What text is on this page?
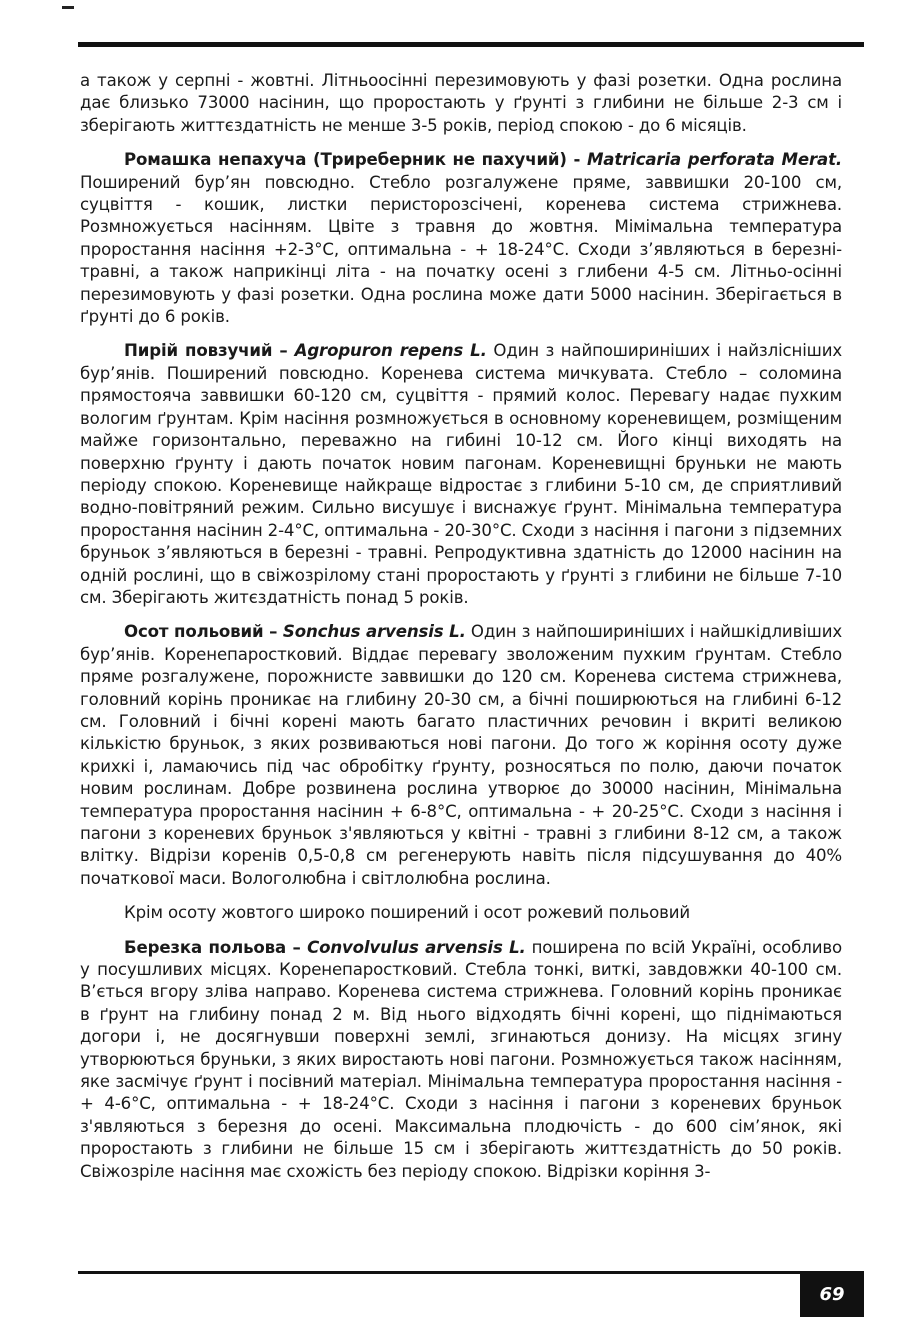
а також у серпні - жовтні. Літньоосінні перезимовують у фазі розетки. Одна рослина дає близько 73000 насінин, що проростають у ґрунті з глибини не більше 2-3 см і зберігають життєздатність не менше 3-5 років, період спокою - до 6 місяців.

Ромашка непахуча (Триреберник не пахучий) - Matricaria perforata Merat. Поширений бур’ян повсюдно. Стебло розгалужене пряме, заввишки 20-100 см, суцвіття - кошик, листки перисторозсічені, коренева система стрижнева. Розмножується насінням. Цвіте з травня до жовтня. Мімімальна температура проростання насіння +2-3°С, оптимальна - + 18-24°С. Сходи з’являються в березні-травні, а також наприкінці літа - на початку осені з глибени 4-5 см. Літньо-осінні перезимовують у фазі розетки. Одна рослина може дати 5000 насінин. Зберігається в ґрунті до 6 років.

Пирій повзучий – Agropuron repens L. Один з найпошириніших і найзлісніших бур’янів. Поширений повсюдно. Коренева система мичкувата. Стебло – соломина прямостояча заввишки 60-120 см, суцвіття - прямий колос. Перевагу надає пухким вологим ґрунтам. Крім насіння розмножується в основному кореневищем, розміщеним майже горизонтально, переважно на гибині 10-12 см. Його кінці виходять на поверхню ґрунту і дають початок новим пагонам. Кореневищні бруньки не мають періоду спокою. Кореневище найкраще відростає з глибини 5-10 см, де сприятливий водно-повітряний режим. Сильно висушує і виснажує ґрунт. Мінімальна температура проростання насінин 2-4°С, оптимальна - 20-30°С. Сходи з насіння і пагони з підземних бруньок з’являються в березні - травні. Репродуктивна здатність до 12000 насінин на одній рослині, що в свіжозрілому стані проростають у ґрунті з глибини не більше 7-10 см. Зберігають житєздатність понад 5 років.

Осот польовий – Sonchus arvensis L. Один з найпошириніших і найшкідливіших бур’янів. Коренепаростковий. Віддає перевагу зволоженим пухким ґрунтам. Стебло пряме розгалужене, порожнисте заввишки до 120 см. Коренева система стрижнева, головний корінь проникає на глибину 20-30 см, а бічні поширюються на глибині 6-12 см. Головний і бічні корені мають багато пластичних речовин і вкриті великою кількістю бруньок, з яких розвиваються нові пагони. До того ж коріння осоту дуже крихкі і, ламаючись під час обробітку ґрунту, розносяться по полю, даючи початок новим рослинам. Добре розвинена рослина утворює до 30000 насінин, Мінімальна температура проростання насінин + 6-8°С, оптимальна - + 20-25°С. Сходи з насіння і пагони з кореневих бруньок з'являються у квітні - травні з глибини 8-12 см, а також влітку. Відрізи коренів 0,5-0,8 см регенерують навіть після підсушування до 40% початкової маси. Вологолюбна і світлолюбна рослина.

Крім осоту жовтого широко поширений і осот рожевий польовий

Березка польова – Convolvulus arvensis L. поширена по всій Україні, особливо у посушливих місцях. Коренепаростковий. Стебла тонкі, виткі, завдовжки 40-100 см. В’ється вгору зліва направо. Коренева система стрижнева. Головний корінь проникає в ґрунт на глибину понад 2 м. Від нього відходять бічні корені, що піднімаються догори і, не досягнувши поверхні землі, згинаються донизу. На місцях згину утворюються бруньки, з яких виростають нові пагони. Розмножується також насінням, яке засмічує ґрунт і посівний матеріал. Мінімальна температура проростання насіння - + 4-6°С, оптимальна - + 18-24°С. Сходи з насіння і пагони з кореневих бруньок з'являються з березня до осені. Максимальна плодючість - до 600 сім’янок, які проростають з глибини не більше 15 см і зберігають життєздатність до 50 років. Свіжозріле насіння має схожість без періоду спокою. Відрізки коріння 3-

69
